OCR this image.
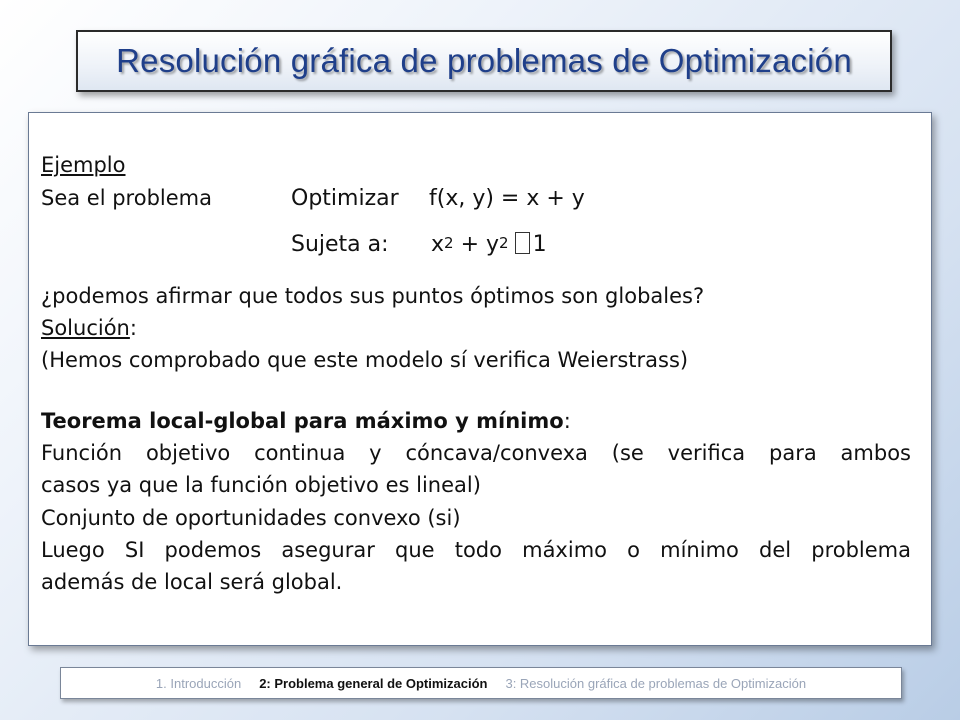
Resolución gráfica de problemas de Optimización
Ejemplo
Sea el problema	Optimizar f(x, y) = x + y
Sujeta a: $x^2 + y^2$ 1
¿podemos afirmar que todos sus puntos óptimos son globales?
Solución:
(Hemos comprobado que este modelo sí verifica Weierstrass)
Teorema local-global para máximo y mínimo:
Función objetivo continua y cóncava/convexa (se verifica para ambos
casos ya que la función objetivo es lineal)
Conjunto de oportunidades convexo (si)
Luego SI podemos asegurar que todo máximo o mínimo del problema
además de local será global.
1. Introducción 2: Problema general de Optimización 3: Resolución gráfica de problemas de Optimización
